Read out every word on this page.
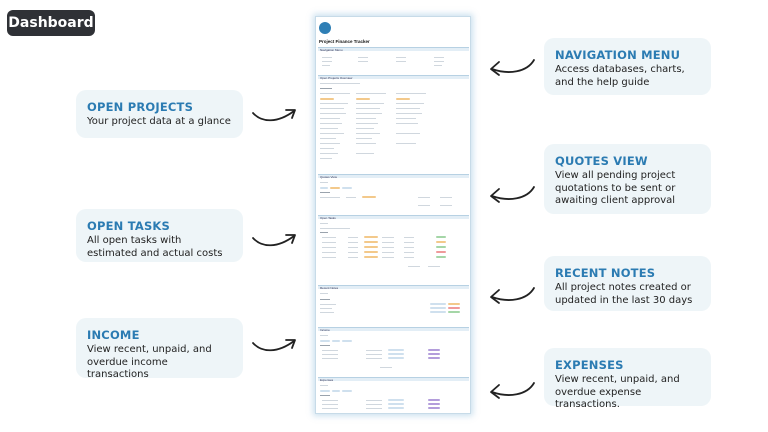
Dashboard
OPEN PROJECTS
Your project data at a glance
OPEN TASKS
All open tasks with estimated and actual costs
INCOME
View recent, unpaid, and overdue income transactions
NAVIGATION MENU
Access databases, charts, and the help guide
QUOTES VIEW
View all pending project quotations to be sent or awaiting client approval
RECENT NOTES
All project notes created or updated in the last 30 days
EXPENSES
View recent, unpaid, and overdue expense transactions.
Project Finance Tracker
Navigation Menu
Open Projects Overview
Quotes View
Open Tasks
Recent Notes
Income
Expenses
